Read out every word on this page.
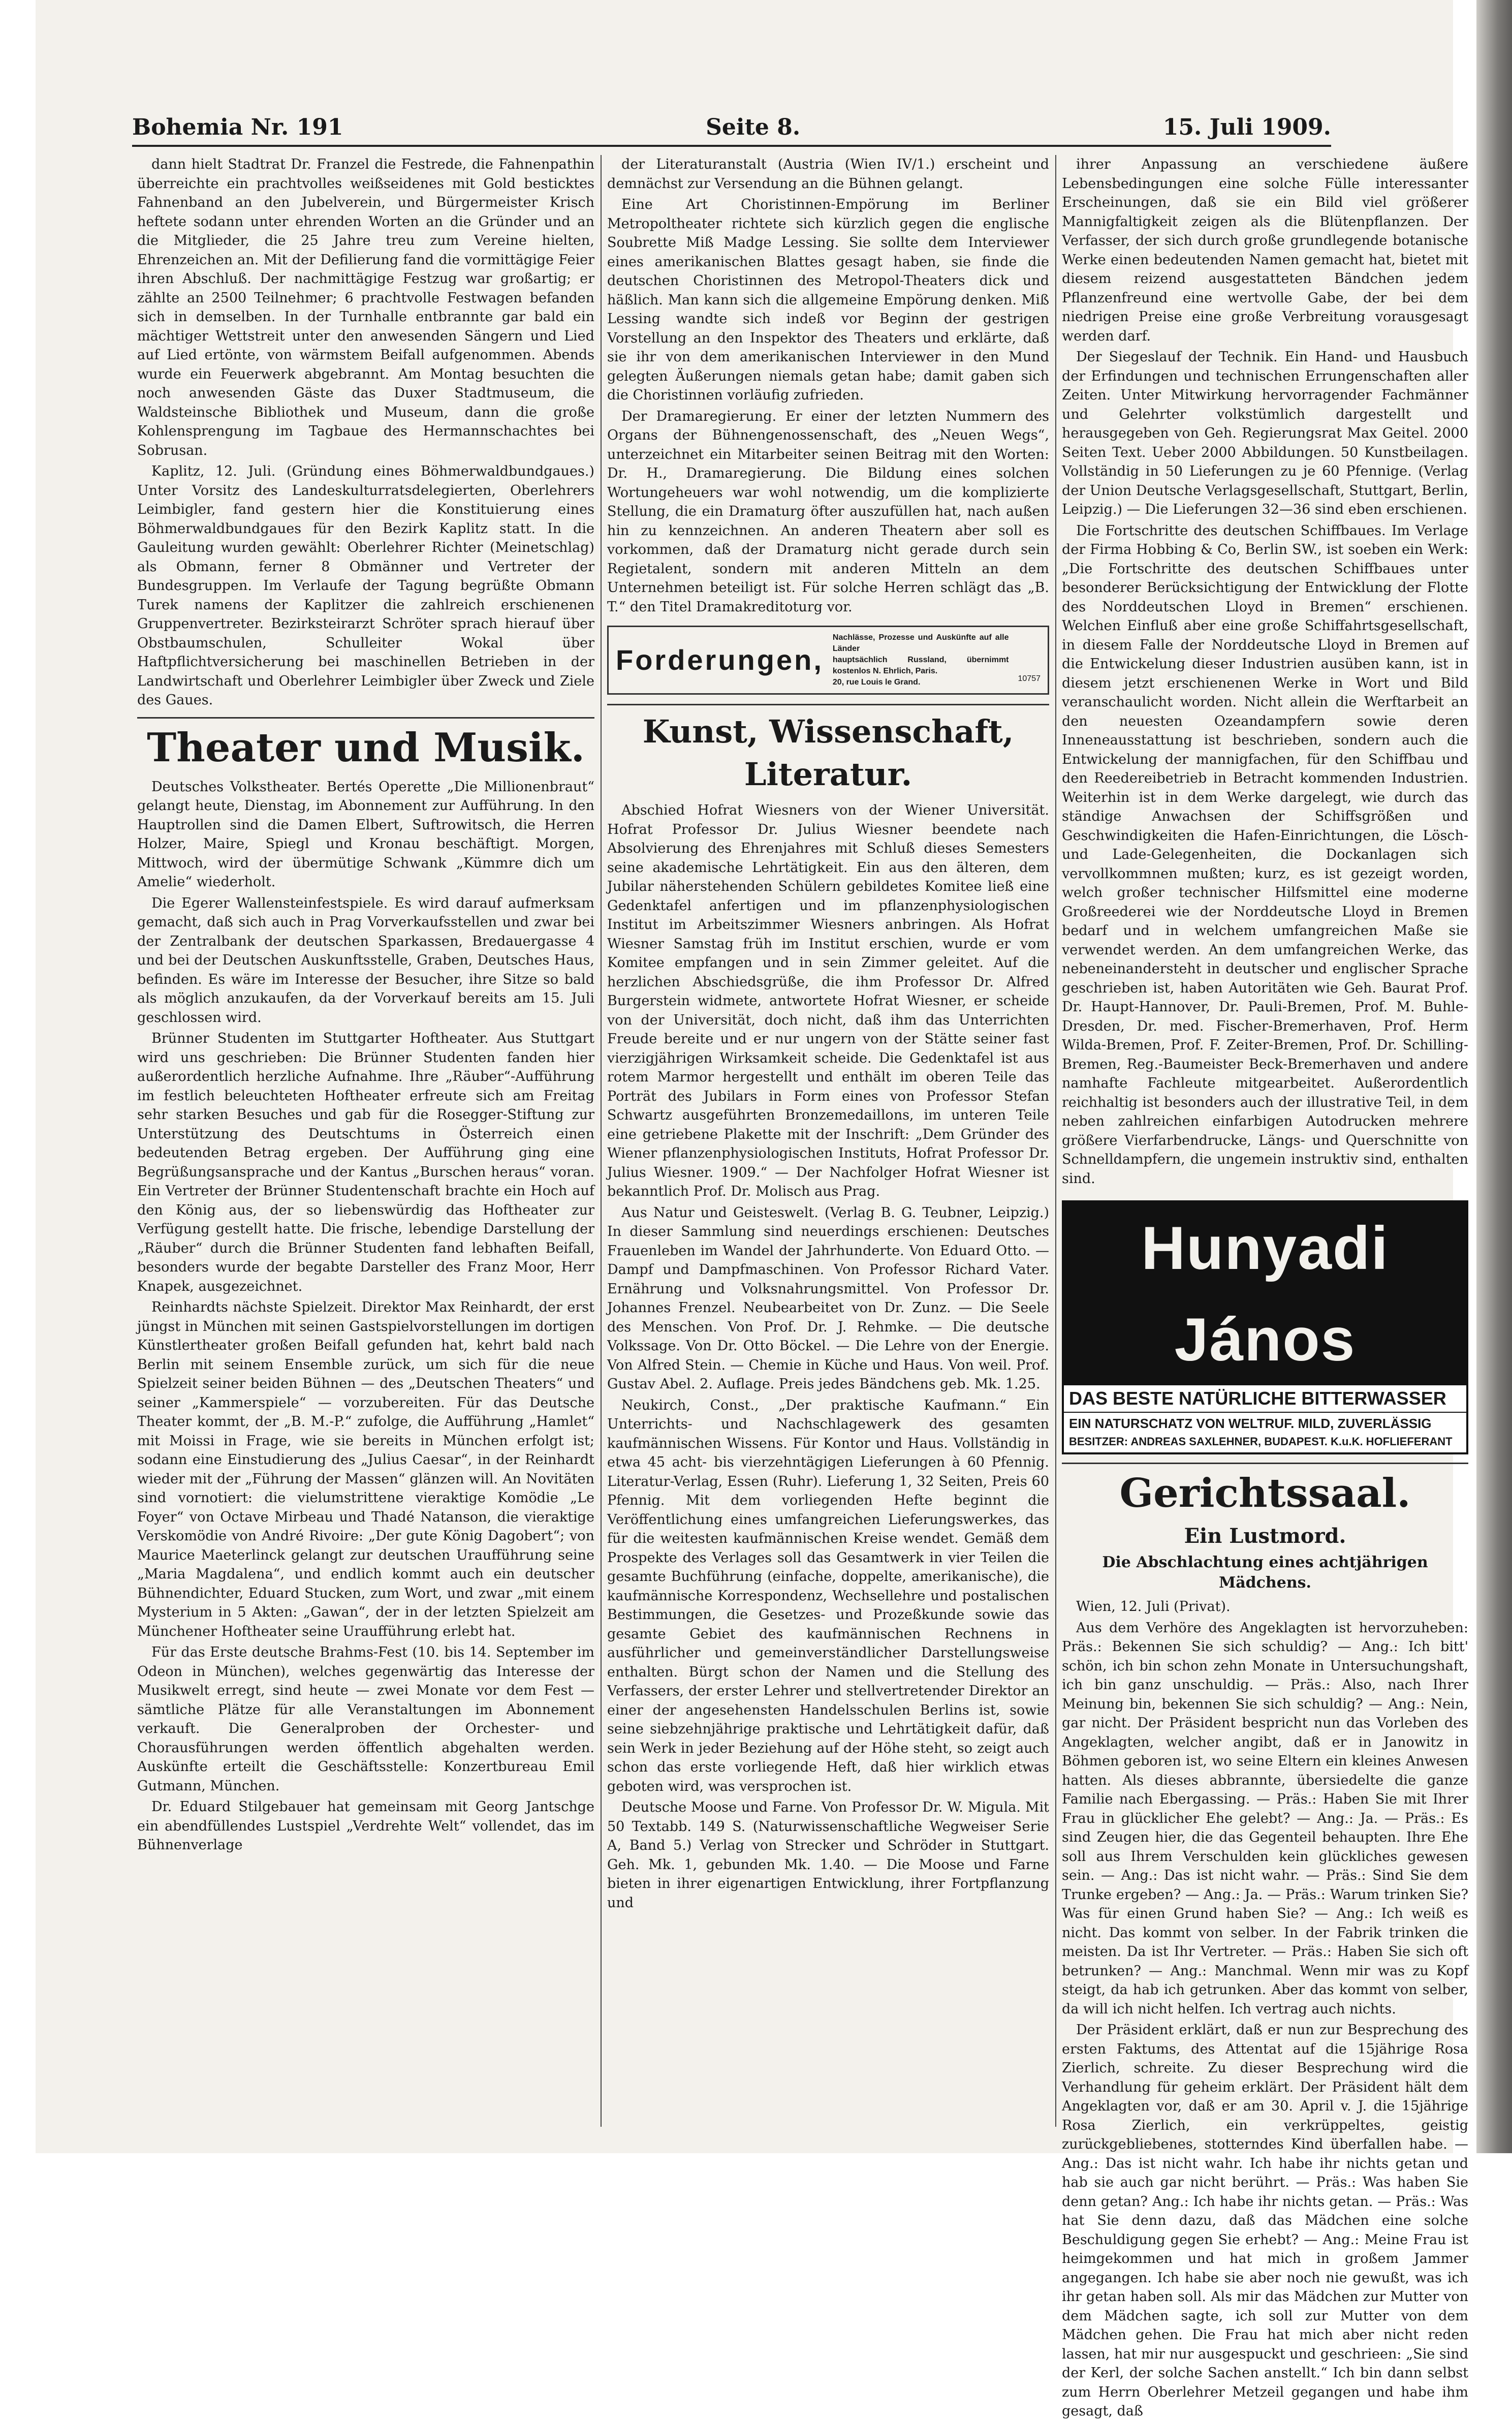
Bohemia Nr. 191	Seite 8.	15. Juli 1909.

dann hielt Stadtrat Dr. Franzel die Festrede, die Fahnenpathin überreichte ein prachtvolles weißseidenes mit Gold besticktes Fahnenband an den Jubelverein, und Bürgermeister Krisch heftete sodann unter ehrenden Worten an die Gründer und an die Mitglieder, die 25 Jahre treu zum Vereine hielten, Ehrenzeichen an. Mit der Defilierung fand die vormittägige Feier ihren Abschluß. Der nachmittägige Festzug war großartig; er zählte an 2500 Teilnehmer; 6 prachtvolle Festwagen befanden sich in demselben. In der Turnhalle entbrannte gar bald ein mächtiger Wettstreit unter den anwesenden Sängern und Lied auf Lied ertönte, von wärmstem Beifall aufgenommen. Abends wurde ein Feuerwerk abgebrannt. Am Montag besuchten die noch anwesenden Gäste das Duxer Stadtmuseum, die Waldsteinsche Bibliothek und Museum, dann die große Kohlensprengung im Tagbaue des Hermannschachtes bei Sobrusan.

Kaplitz, 12. Juli. (Gründung eines Böhmerwaldbundgaues.) Unter Vorsitz des Landeskulturratsdelegierten, Oberlehrers Leimbigler, fand gestern hier die Konstituierung eines Böhmerwaldbundgaues für den Bezirk Kaplitz statt. In die Gauleitung wurden gewählt: Oberlehrer Richter (Meinetschlag) als Obmann, ferner 8 Obmänner und Vertreter der Bundesgruppen. Im Verlaufe der Tagung begrüßte Obmann Turek namens der Kaplitzer die zahlreich erschienenen Gruppenvertreter. Bezirksteirarzt Schröter sprach hierauf über Obstbaumschulen, Schulleiter Wokal über Haftpflichtversicherung bei maschinellen Betrieben in der Landwirtschaft und Oberlehrer Leimbigler über Zweck und Ziele des Gaues.

Theater und Musik.

Deutsches Volkstheater. Bertés Operette „Die Millionenbraut“ gelangt heute, Dienstag, im Abonnement zur Aufführung. In den Hauptrollen sind die Damen Elbert, Suftrowitsch, die Herren Holzer, Maire, Spiegl und Kronau beschäftigt. Morgen, Mittwoch, wird der übermütige Schwank „Kümmre dich um Amelie“ wiederholt.

Die Egerer Wallensteinfestspiele. Es wird darauf aufmerksam gemacht, daß sich auch in Prag Vorverkaufsstellen und zwar bei der Zentralbank der deutschen Sparkassen, Bredauergasse 4 und bei der Deutschen Auskunftsstelle, Graben, Deutsches Haus, befinden. Es wäre im Interesse der Besucher, ihre Sitze so bald als möglich anzukaufen, da der Vorverkauf bereits am 15. Juli geschlossen wird.

Brünner Studenten im Stuttgarter Hoftheater. Aus Stuttgart wird uns geschrieben: Die Brünner Studenten fanden hier außerordentlich herzliche Aufnahme. Ihre „Räuber“-Aufführung im festlich beleuchteten Hoftheater erfreute sich am Freitag sehr starken Besuches und gab für die Rosegger-Stiftung zur Unterstützung des Deutschtums in Österreich einen bedeutenden Betrag ergeben. Der Aufführung ging eine Begrüßungsansprache und der Kantus „Burschen heraus“ voran. Ein Vertreter der Brünner Studentenschaft brachte ein Hoch auf den König aus, der so liebenswürdig das Hoftheater zur Verfügung gestellt hatte. Die frische, lebendige Darstellung der „Räuber“ durch die Brünner Studenten fand lebhaften Beifall, besonders wurde der begabte Darsteller des Franz Moor, Herr Knapek, ausgezeichnet.

Reinhardts nächste Spielzeit. Direktor Max Reinhardt, der erst jüngst in München mit seinen Gastspielvorstellungen im dortigen Künstlertheater großen Beifall gefunden hat, kehrt bald nach Berlin mit seinem Ensemble zurück, um sich für die neue Spielzeit seiner beiden Bühnen — des „Deutschen Theaters“ und seiner „Kammerspiele“ — vorzubereiten. Für das Deutsche Theater kommt, der „B. M.-P.“ zufolge, die Aufführung „Hamlet“ mit Moissi in Frage, wie sie bereits in München erfolgt ist; sodann eine Einstudierung des „Julius Caesar“, in der Reinhardt wieder mit der „Führung der Massen“ glänzen will. An Novitäten sind vornotiert: die vielumstrittene vieraktige Komödie „Le Foyer“ von Octave Mirbeau und Thadé Natanson, die vieraktige Verskomödie von André Rivoire: „Der gute König Dagobert“; von Maurice Maeterlinck gelangt zur deutschen Uraufführung seine „Maria Magdalena“, und endlich kommt auch ein deutscher Bühnendichter, Eduard Stucken, zum Wort, und zwar „mit einem Mysterium in 5 Akten: „Gawan“, der in der letzten Spielzeit am Münchener Hoftheater seine Uraufführung erlebt hat.

Für das Erste deutsche Brahms-Fest (10. bis 14. September im Odeon in München), welches gegenwärtig das Interesse der Musikwelt erregt, sind heute — zwei Monate vor dem Fest — sämtliche Plätze für alle Veranstaltungen im Abonnement verkauft. Die Generalproben der Orchester- und Chorausführungen werden öffentlich abgehalten werden. Auskünfte erteilt die Geschäftsstelle: Konzertbureau Emil Gutmann, München.

Dr. Eduard Stilgebauer hat gemeinsam mit Georg Jantschge ein abendfüllendes Lustspiel „Verdrehte Welt“ vollendet, das im Bühnenverlage

der Literaturanstalt (Austria (Wien IV/1.) erscheint und demnächst zur Versendung an die Bühnen gelangt.

Eine Art Choristinnen-Empörung im Berliner Metropoltheater richtete sich kürzlich gegen die englische Soubrette Miß Madge Lessing. Sie sollte dem Interviewer eines amerikanischen Blattes gesagt haben, sie finde die deutschen Choristinnen des Metropol-Theaters dick und häßlich. Man kann sich die allgemeine Empörung denken. Miß Lessing wandte sich indeß vor Beginn der gestrigen Vorstellung an den Inspektor des Theaters und erklärte, daß sie ihr von dem amerikanischen Interviewer in den Mund gelegten Äußerungen niemals getan habe; damit gaben sich die Choristinnen vorläufig zufrieden.

Der Dramaregierung. Er einer der letzten Nummern des Organs der Bühnengenossenschaft, des „Neuen Wegs“, unterzeichnet ein Mitarbeiter seinen Beitrag mit den Worten: Dr. H., Dramaregierung. Die Bildung eines solchen Wortungeheuers war wohl notwendig, um die komplizierte Stellung, die ein Dramaturg öfter auszufüllen hat, nach außen hin zu kennzeichnen. An anderen Theatern aber soll es vorkommen, daß der Dramaturg nicht gerade durch sein Regietalent, sondern mit anderen Mitteln an dem Unternehmen beteiligt ist. Für solche Herren schlägt das „B. T.“ den Titel Dramakreditoturg vor.

Forderungen,
Nachlässe, Prozesse und Auskünfte auf alle Länder
hauptsächlich Russland, übernimmt kostenlos N. Ehrlich, Paris.
20, rue Louis le Grand.	10757
Kunst, Wissenschaft, Literatur.

Abschied Hofrat Wiesners von der Wiener Universität. Hofrat Professor Dr. Julius Wiesner beendete nach Absolvierung des Ehrenjahres mit Schluß dieses Semesters seine akademische Lehrtätigkeit. Ein aus den älteren, dem Jubilar näherstehenden Schülern gebildetes Komitee ließ eine Gedenktafel anfertigen und im pflanzenphysiologischen Institut im Arbeitszimmer Wiesners anbringen. Als Hofrat Wiesner Samstag früh im Institut erschien, wurde er vom Komitee empfangen und in sein Zimmer geleitet. Auf die herzlichen Abschiedsgrüße, die ihm Professor Dr. Alfred Burgerstein widmete, antwortete Hofrat Wiesner, er scheide von der Universität, doch nicht, daß ihm das Unterrichten Freude bereite und er nur ungern von der Stätte seiner fast vierzigjährigen Wirksamkeit scheide. Die Gedenktafel ist aus rotem Marmor hergestellt und enthält im oberen Teile das Porträt des Jubilars in Form eines von Professor Stefan Schwartz ausgeführten Bronzemedaillons, im unteren Teile eine getriebene Plakette mit der Inschrift: „Dem Gründer des Wiener pflanzenphysiologischen Instituts, Hofrat Professor Dr. Julius Wiesner. 1909.“ — Der Nachfolger Hofrat Wiesner ist bekanntlich Prof. Dr. Molisch aus Prag.

Aus Natur und Geisteswelt. (Verlag B. G. Teubner, Leipzig.) In dieser Sammlung sind neuerdings erschienen: Deutsches Frauenleben im Wandel der Jahrhunderte. Von Eduard Otto. — Dampf und Dampfmaschinen. Von Professor Richard Vater. Ernährung und Volksnahrungsmittel. Von Professor Dr. Johannes Frenzel. Neubearbeitet von Dr. Zunz. — Die Seele des Menschen. Von Prof. Dr. J. Rehmke. — Die deutsche Volkssage. Von Dr. Otto Böckel. — Die Lehre von der Energie. Von Alfred Stein. — Chemie in Küche und Haus. Von weil. Prof. Gustav Abel. 2. Auflage. Preis jedes Bändchens geb. Mk. 1.25.

Neukirch, Const., „Der praktische Kaufmann.“ Ein Unterrichts- und Nachschlagewerk des gesamten kaufmännischen Wissens. Für Kontor und Haus. Vollständig in etwa 45 acht- bis vierzehntägigen Lieferungen à 60 Pfennig. Literatur-Verlag, Essen (Ruhr). Lieferung 1, 32 Seiten, Preis 60 Pfennig. Mit dem vorliegenden Hefte beginnt die Veröffentlichung eines umfangreichen Lieferungswerkes, das für die weitesten kaufmännischen Kreise wendet. Gemäß dem Prospekte des Verlages soll das Gesamtwerk in vier Teilen die gesamte Buchführung (einfache, doppelte, amerikanische), die kaufmännische Korrespondenz, Wechsellehre und postalischen Bestimmungen, die Gesetzes- und Prozeßkunde sowie das gesamte Gebiet des kaufmännischen Rechnens in ausführlicher und gemeinverständlicher Darstellungsweise enthalten. Bürgt schon der Namen und die Stellung des Verfassers, der erster Lehrer und stellvertretender Direktor an einer der angesehensten Handelsschulen Berlins ist, sowie seine siebzehnjährige praktische und Lehrtätigkeit dafür, daß sein Werk in jeder Beziehung auf der Höhe steht, so zeigt auch schon das erste vorliegende Heft, daß hier wirklich etwas geboten wird, was versprochen ist.

Deutsche Moose und Farne. Von Professor Dr. W. Migula. Mit 50 Textabb. 149 S. (Naturwissenschaftliche Wegweiser Serie A, Band 5.) Verlag von Strecker und Schröder in Stuttgart. Geh. Mk. 1, gebunden Mk. 1.40. — Die Moose und Farne bieten in ihrer eigenartigen Entwicklung, ihrer Fortpflanzung und

ihrer Anpassung an verschiedene äußere Lebensbedingungen eine solche Fülle interessanter Erscheinungen, daß sie ein Bild viel größerer Mannigfaltigkeit zeigen als die Blütenpflanzen. Der Verfasser, der sich durch große grundlegende botanische Werke einen bedeutenden Namen gemacht hat, bietet mit diesem reizend ausgestatteten Bändchen jedem Pflanzenfreund eine wertvolle Gabe, der bei dem niedrigen Preise eine große Verbreitung vorausgesagt werden darf.

Der Siegeslauf der Technik. Ein Hand- und Hausbuch der Erfindungen und technischen Errungenschaften aller Zeiten. Unter Mitwirkung hervorragender Fachmänner und Gelehrter volkstümlich dargestellt und herausgegeben von Geh. Regierungsrat Max Geitel. 2000 Seiten Text. Ueber 2000 Abbildungen. 50 Kunstbeilagen. Vollständig in 50 Lieferungen zu je 60 Pfennige. (Verlag der Union Deutsche Verlagsgesellschaft, Stuttgart, Berlin, Leipzig.) — Die Lieferungen 32—36 sind eben erschienen.

Die Fortschritte des deutschen Schiffbaues. Im Verlage der Firma Hobbing & Co, Berlin SW., ist soeben ein Werk: „Die Fortschritte des deutschen Schiffbaues unter besonderer Berücksichtigung der Entwicklung der Flotte des Norddeutschen Lloyd in Bremen“ erschienen. Welchen Einfluß aber eine große Schiffahrtsgesellschaft, in diesem Falle der Norddeutsche Lloyd in Bremen auf die Entwickelung dieser Industrien ausüben kann, ist in diesem jetzt erschienenen Werke in Wort und Bild veranschaulicht worden. Nicht allein die Werftarbeit an den neuesten Ozeandampfern sowie deren Inneneausstattung ist beschrieben, sondern auch die Entwickelung der mannigfachen, für den Schiffbau und den Reedereibetrieb in Betracht kommenden Industrien. Weiterhin ist in dem Werke dargelegt, wie durch das ständige Anwachsen der Schiffsgrößen und Geschwindigkeiten die Hafen-Einrichtungen, die Lösch- und Lade-Gelegenheiten, die Dockanlagen sich vervollkommnen mußten; kurz, es ist gezeigt worden, welch großer technischer Hilfsmittel eine moderne Großreederei wie der Norddeutsche Lloyd in Bremen bedarf und in welchem umfangreichen Maße sie verwendet werden. An dem umfangreichen Werke, das nebeneinandersteht in deutscher und englischer Sprache geschrieben ist, haben Autoritäten wie Geh. Baurat Prof. Dr. Haupt-Hannover, Dr. Pauli-Bremen, Prof. M. Buhle-Dresden, Dr. med. Fischer-Bremerhaven, Prof. Herm Wilda-Bremen, Prof. F. Zeiter-Bremen, Prof. Dr. Schilling-Bremen, Reg.-Baumeister Beck-Bremerhaven und andere namhafte Fachleute mitgearbeitet. Außerordentlich reichhaltig ist besonders auch der illustrative Teil, in dem neben zahlreichen einfarbigen Autodrucken mehrere größere Vierfarbendrucke, Längs- und Querschnitte von Schnelldampfern, die ungemein instruktiv sind, enthalten sind.

Hunyadi János
DAS BESTE NATÜRLICHE BITTERWASSER
EIN NATURSCHATZ VON WELTRUF. MILD, ZUVERLÄSSIG
BESITZER: ANDREAS SAXLEHNER, BUDAPEST. K.u.K. HOFLIEFERANT
Gerichtssaal.
Ein Lustmord.
Die Abschlachtung eines achtjährigen Mädchens.

Wien, 12. Juli (Privat).

Aus dem Verhöre des Angeklagten ist hervorzuheben: Präs.: Bekennen Sie sich schuldig? — Ang.: Ich bitt' schön, ich bin schon zehn Monate in Untersuchungshaft, ich bin ganz unschuldig. — Präs.: Also, nach Ihrer Meinung bin, bekennen Sie sich schuldig? — Ang.: Nein, gar nicht. Der Präsident bespricht nun das Vorleben des Angeklagten, welcher angibt, daß er in Janowitz in Böhmen geboren ist, wo seine Eltern ein kleines Anwesen hatten. Als dieses abbrannte, übersiedelte die ganze Familie nach Ebergassing. — Präs.: Haben Sie mit Ihrer Frau in glücklicher Ehe gelebt? — Ang.: Ja. — Präs.: Es sind Zeugen hier, die das Gegenteil behaupten. Ihre Ehe soll aus Ihrem Verschulden kein glückliches gewesen sein. — Ang.: Das ist nicht wahr. — Präs.: Sind Sie dem Trunke ergeben? — Ang.: Ja. — Präs.: Warum trinken Sie? Was für einen Grund haben Sie? — Ang.: Ich weiß es nicht. Das kommt von selber. In der Fabrik trinken die meisten. Da ist Ihr Vertreter. — Präs.: Haben Sie sich oft betrunken? — Ang.: Manchmal. Wenn mir was zu Kopf steigt, da hab ich getrunken. Aber das kommt von selber, da will ich nicht helfen. Ich vertrag auch nichts.

Der Präsident erklärt, daß er nun zur Besprechung des ersten Faktums, des Attentat auf die 15jährige Rosa Zierlich, schreite. Zu dieser Besprechung wird die Verhandlung für geheim erklärt. Der Präsident hält dem Angeklagten vor, daß er am 30. April v. J. die 15jährige Rosa Zierlich, ein verkrüppeltes, geistig zurückgebliebenes, stotterndes Kind überfallen habe. — Ang.: Das ist nicht wahr. Ich habe ihr nichts getan und hab sie auch gar nicht berührt. — Präs.: Was haben Sie denn getan? Ang.: Ich habe ihr nichts getan. — Präs.: Was hat Sie denn dazu, daß das Mädchen eine solche Beschuldigung gegen Sie erhebt? — Ang.: Meine Frau ist heimgekommen und hat mich in großem Jammer angegangen. Ich habe sie aber noch nie gewußt, was ich ihr getan haben soll. Als mir das Mädchen zur Mutter von dem Mädchen sagte, ich soll zur Mutter von dem Mädchen gehen. Die Frau hat mich aber nicht reden lassen, hat mir nur ausgespuckt und geschrieen: „Sie sind der Kerl, der solche Sachen anstellt.“ Ich bin dann selbst zum Herrn Oberlehrer Metzeil gegangen und habe ihm gesagt, daß
